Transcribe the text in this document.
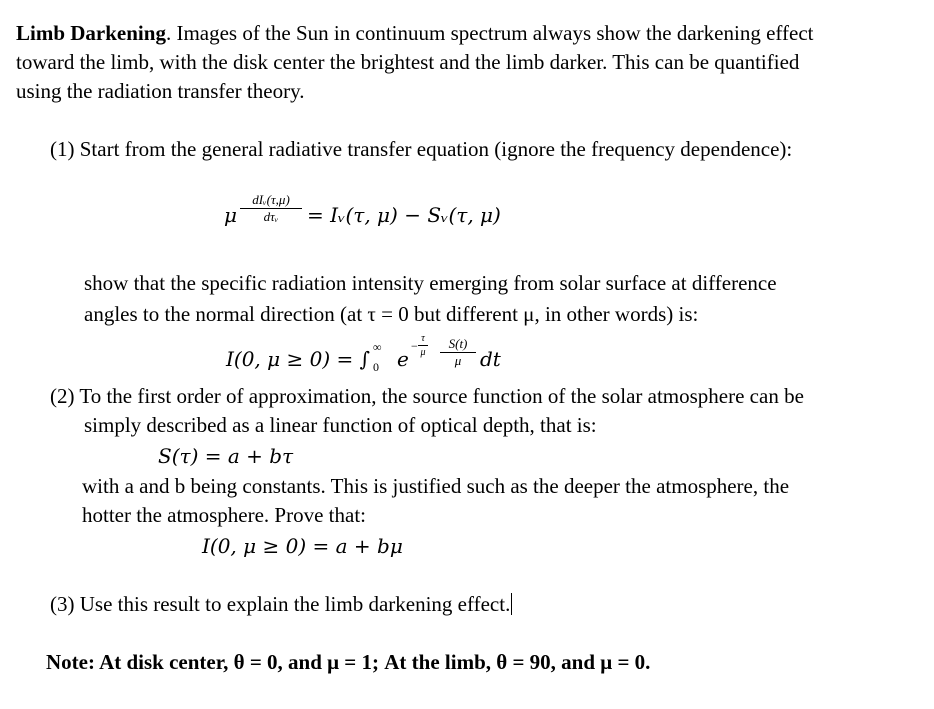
Limb Darkening. Images of the Sun in continuum spectrum always show the darkening effect
toward the limb, with the disk center the brightest and the limb darker. This can be quantified
using the radiation transfer theory.
(1) Start from the general radiative transfer equation (ignore the frequency dependence):
μ
dIᵥ(τ,μ)
dτᵥ	= Iᵥ(τ, μ) − Sᵥ(τ, μ)
show that the specific radiation intensity emerging from solar surface at difference
angles to the normal direction (at τ = 0 but different μ, in other words) is:
I(0, μ ≥ 0) = ∫ ∞
0 e
−
τ
μ
S(t)
μ dt
(2) To the first order of approximation, the source function of the solar atmosphere can be
simply described as a linear function of optical depth, that is:
S(τ) = a + bτ
with a and b being constants. This is justified such as the deeper the atmosphere, the
hotter the atmosphere. Prove that:
I(0, μ ≥ 0) = a + bμ
(3) Use this result to explain the limb darkening effect.
Note: At disk center, θ = 0, and μ = 1; At the limb, θ = 90, and μ = 0.
